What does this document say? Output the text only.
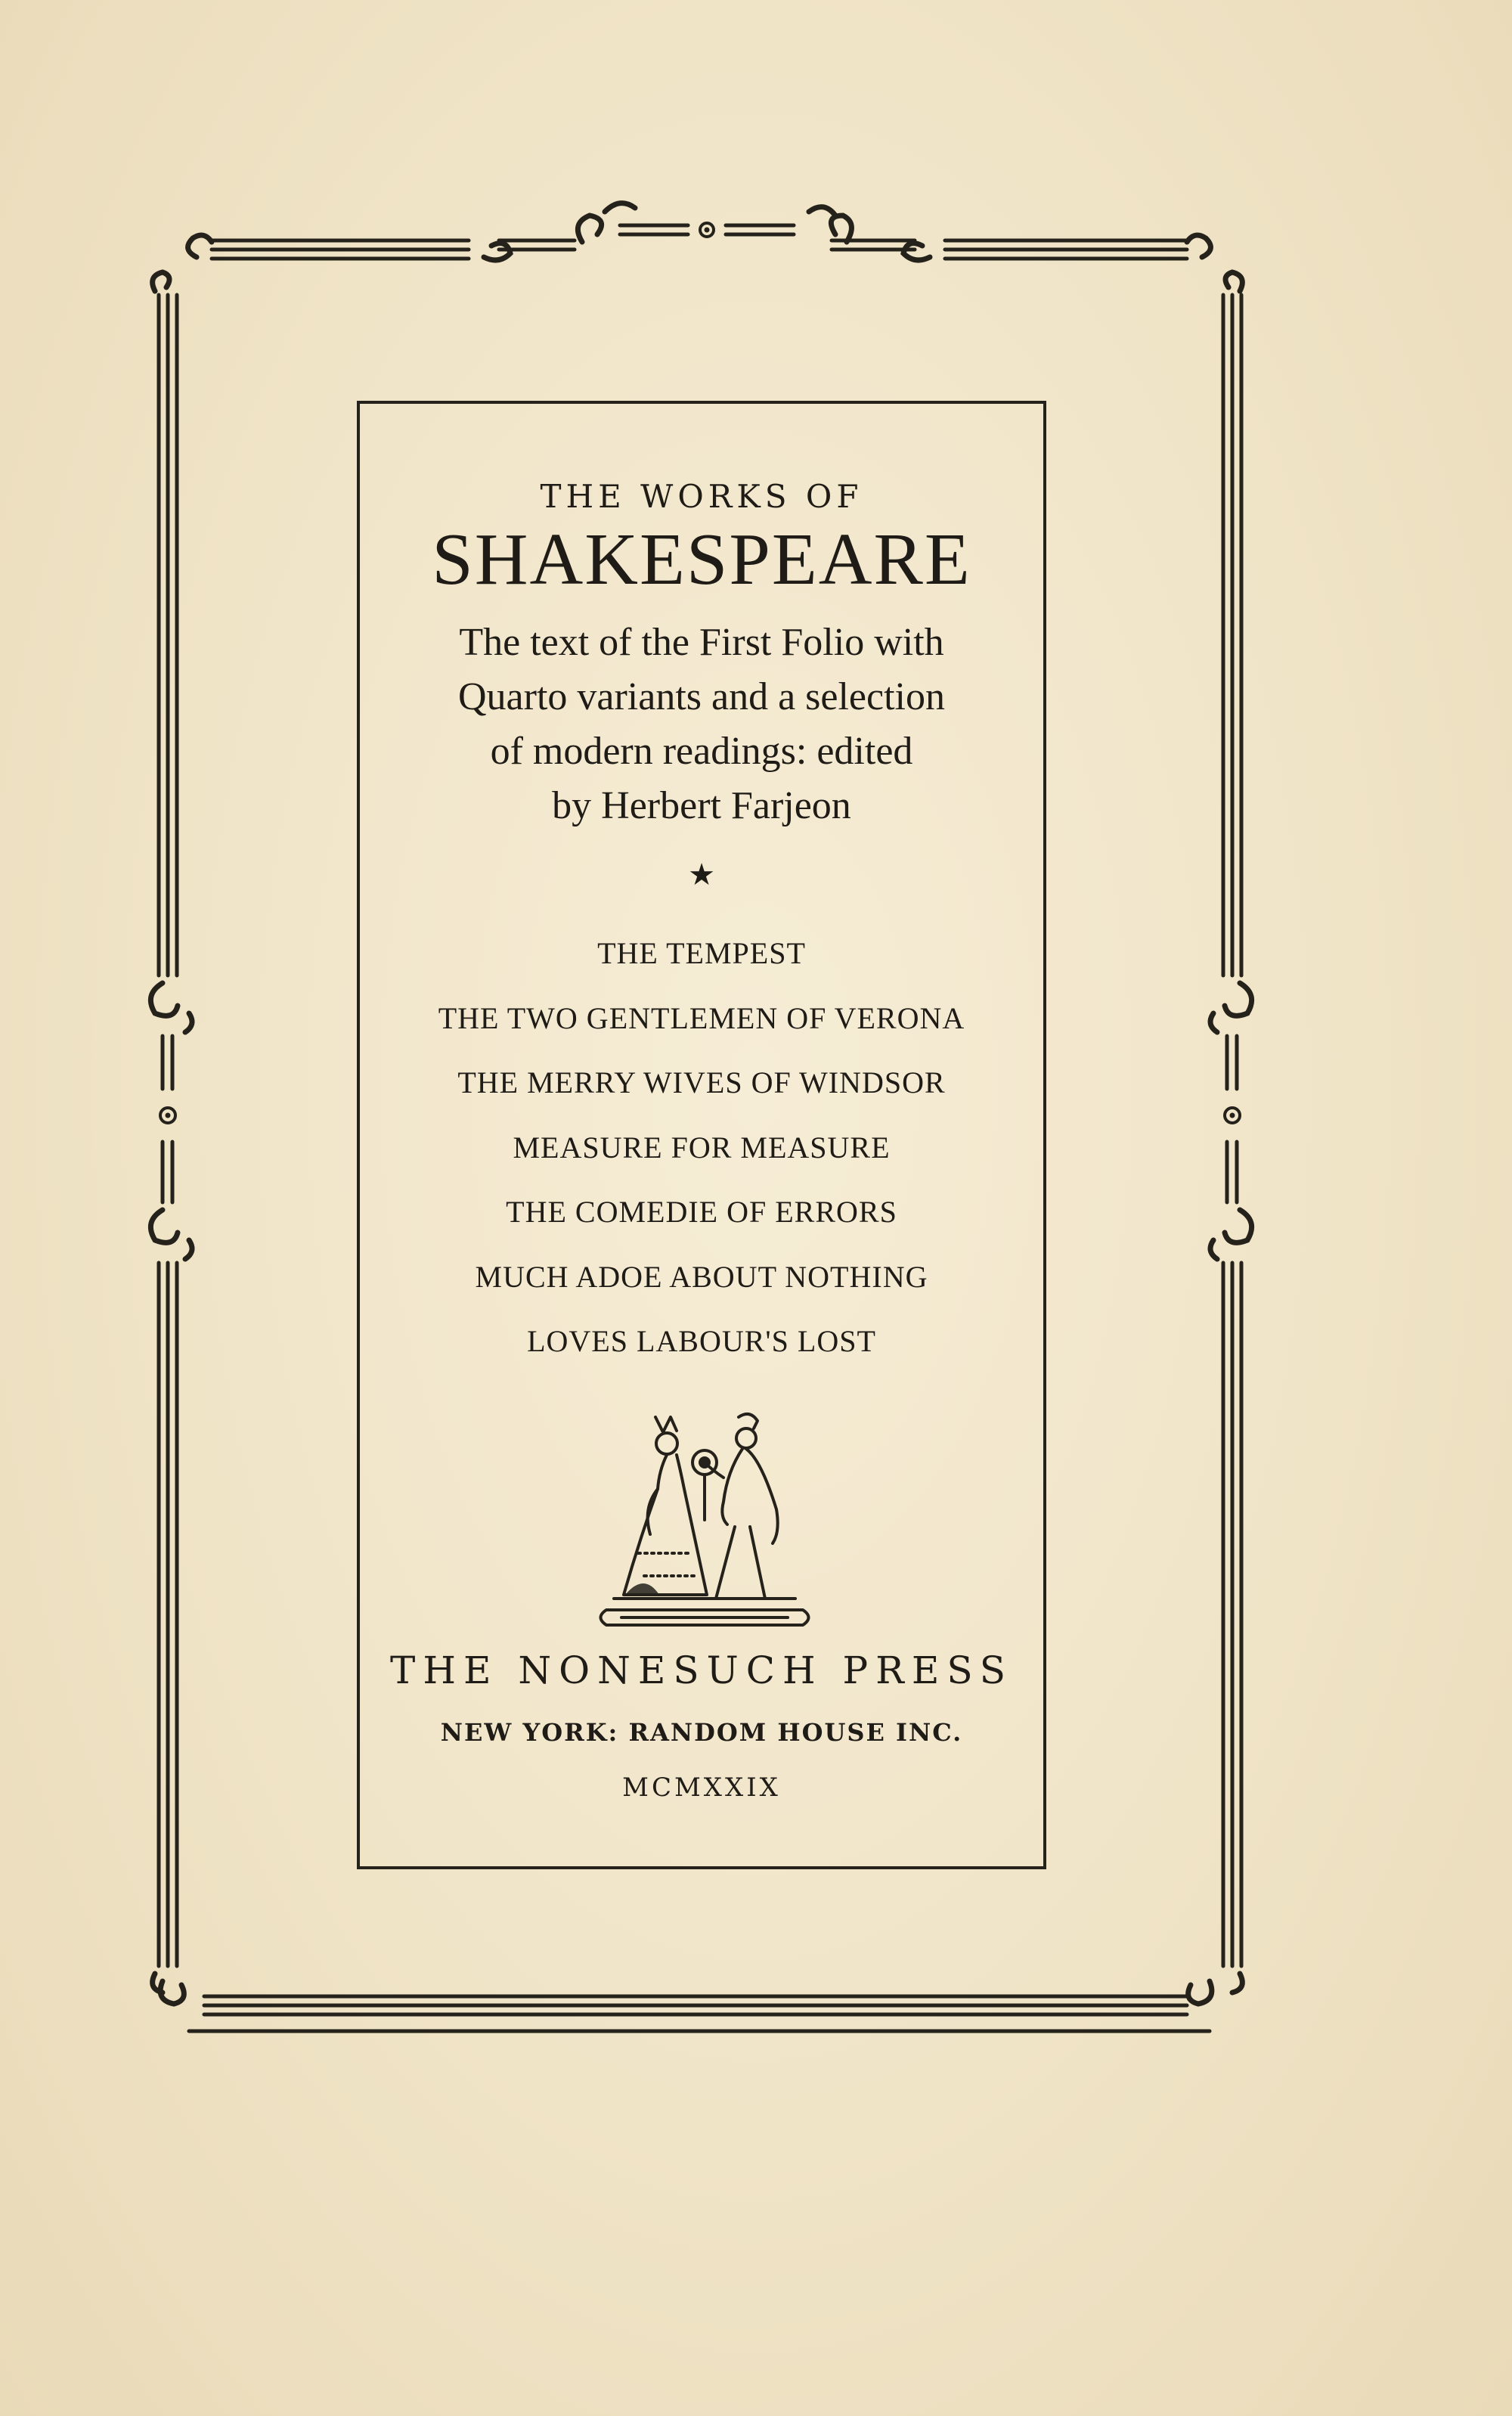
THE WORKS OF
SHAKESPEARE
The text of the First Folio with
Quarto variants and a selection
of modern readings: edited
by Herbert Farjeon
★
THE TEMPEST
THE TWO GENTLEMEN OF VERONA
THE MERRY WIVES OF WINDSOR
MEASURE FOR MEASURE
THE COMEDIE OF ERRORS
MUCH ADOE ABOUT NOTHING
LOVES LABOUR'S LOST
THE NONESUCH PRESS
NEW YORK: RANDOM HOUSE INC.
MCMXXIX
